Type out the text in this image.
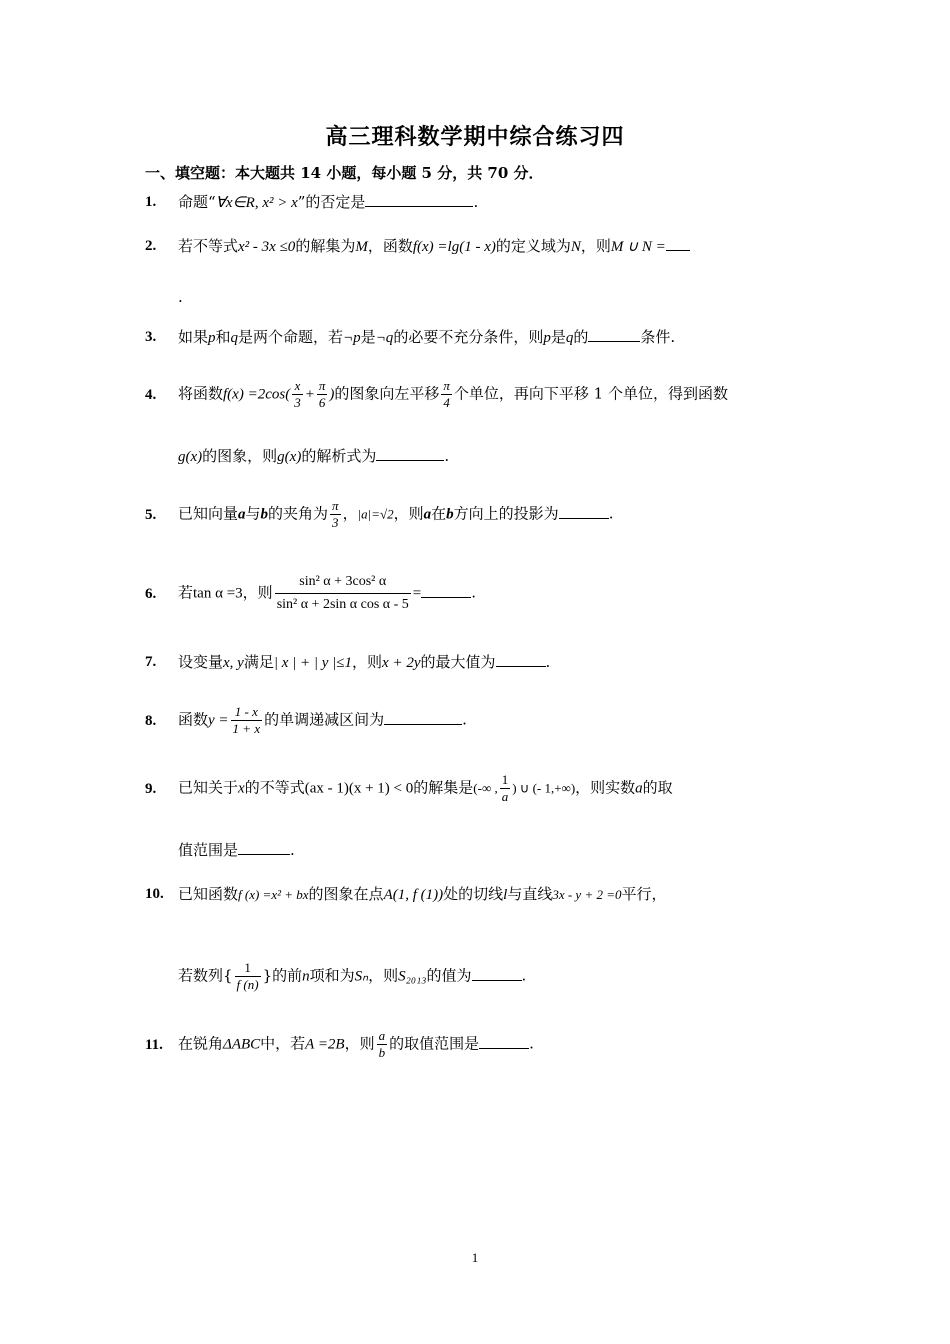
高三理科数学期中综合练习四
一、填空题：本大题共 14 小题，每小题 5 分，共 70 分．
1. 命题“∀x∈R, x² > x”的否定是	.
2. 若不等式x² - 3x ≤0的解集为M，函数f(x) =lg(1 - x)的定义域为N，则M ∪ N =
.
3. 如果p和q是两个命题，若¬p是¬q的必要不充分条件，则p是q的	条件.
4. 将函数$f(x) =2\cos( \frac{x}{3} + \frac{\pi}{6}$ )的图象向左平移 $\frac{\pi}{4}$ 个单位，再向下平移 1 个单位，得到函数
g(x)的图象，则g(x)的解析式为	.
5. 已知向量a与b的夹角为 $\frac{\pi}{3}$ ，|a|=√2，则a在b方向上的投影为	.
6. 若tan α =3，则 $\frac{\text{sin² α + 3cos² α}}{\text{sin² α + 2sin α cos α - 5}}$ =	.
7. 设变量x, y满足| x | + | y |≤1，则x + 2y的最大值为	.
8. 函数$y = \frac{1 - x}{1 + x}$ 的单调递减区间为	.
9. 已知关于x的不等式(ax - 1)(x + 1) < 0的解集是(-∞ , $\frac{1}{a}$ ) ∪ (- 1,+∞)，则实数a的取
值范围是	.
10. 已知函数f (x) =x² + bx的图象在点A(1, f (1))处的切线l与直线3x - y + 2 =0平行，
若数列{ $\frac{1}{f (n)}$ }的前n项和为Sₙ，则S₂₀₁₃的值为	.
11. 在锐角ΔABC中，若A =2B，则 $\frac{a}{b}$ 的取值范围是	.
1
